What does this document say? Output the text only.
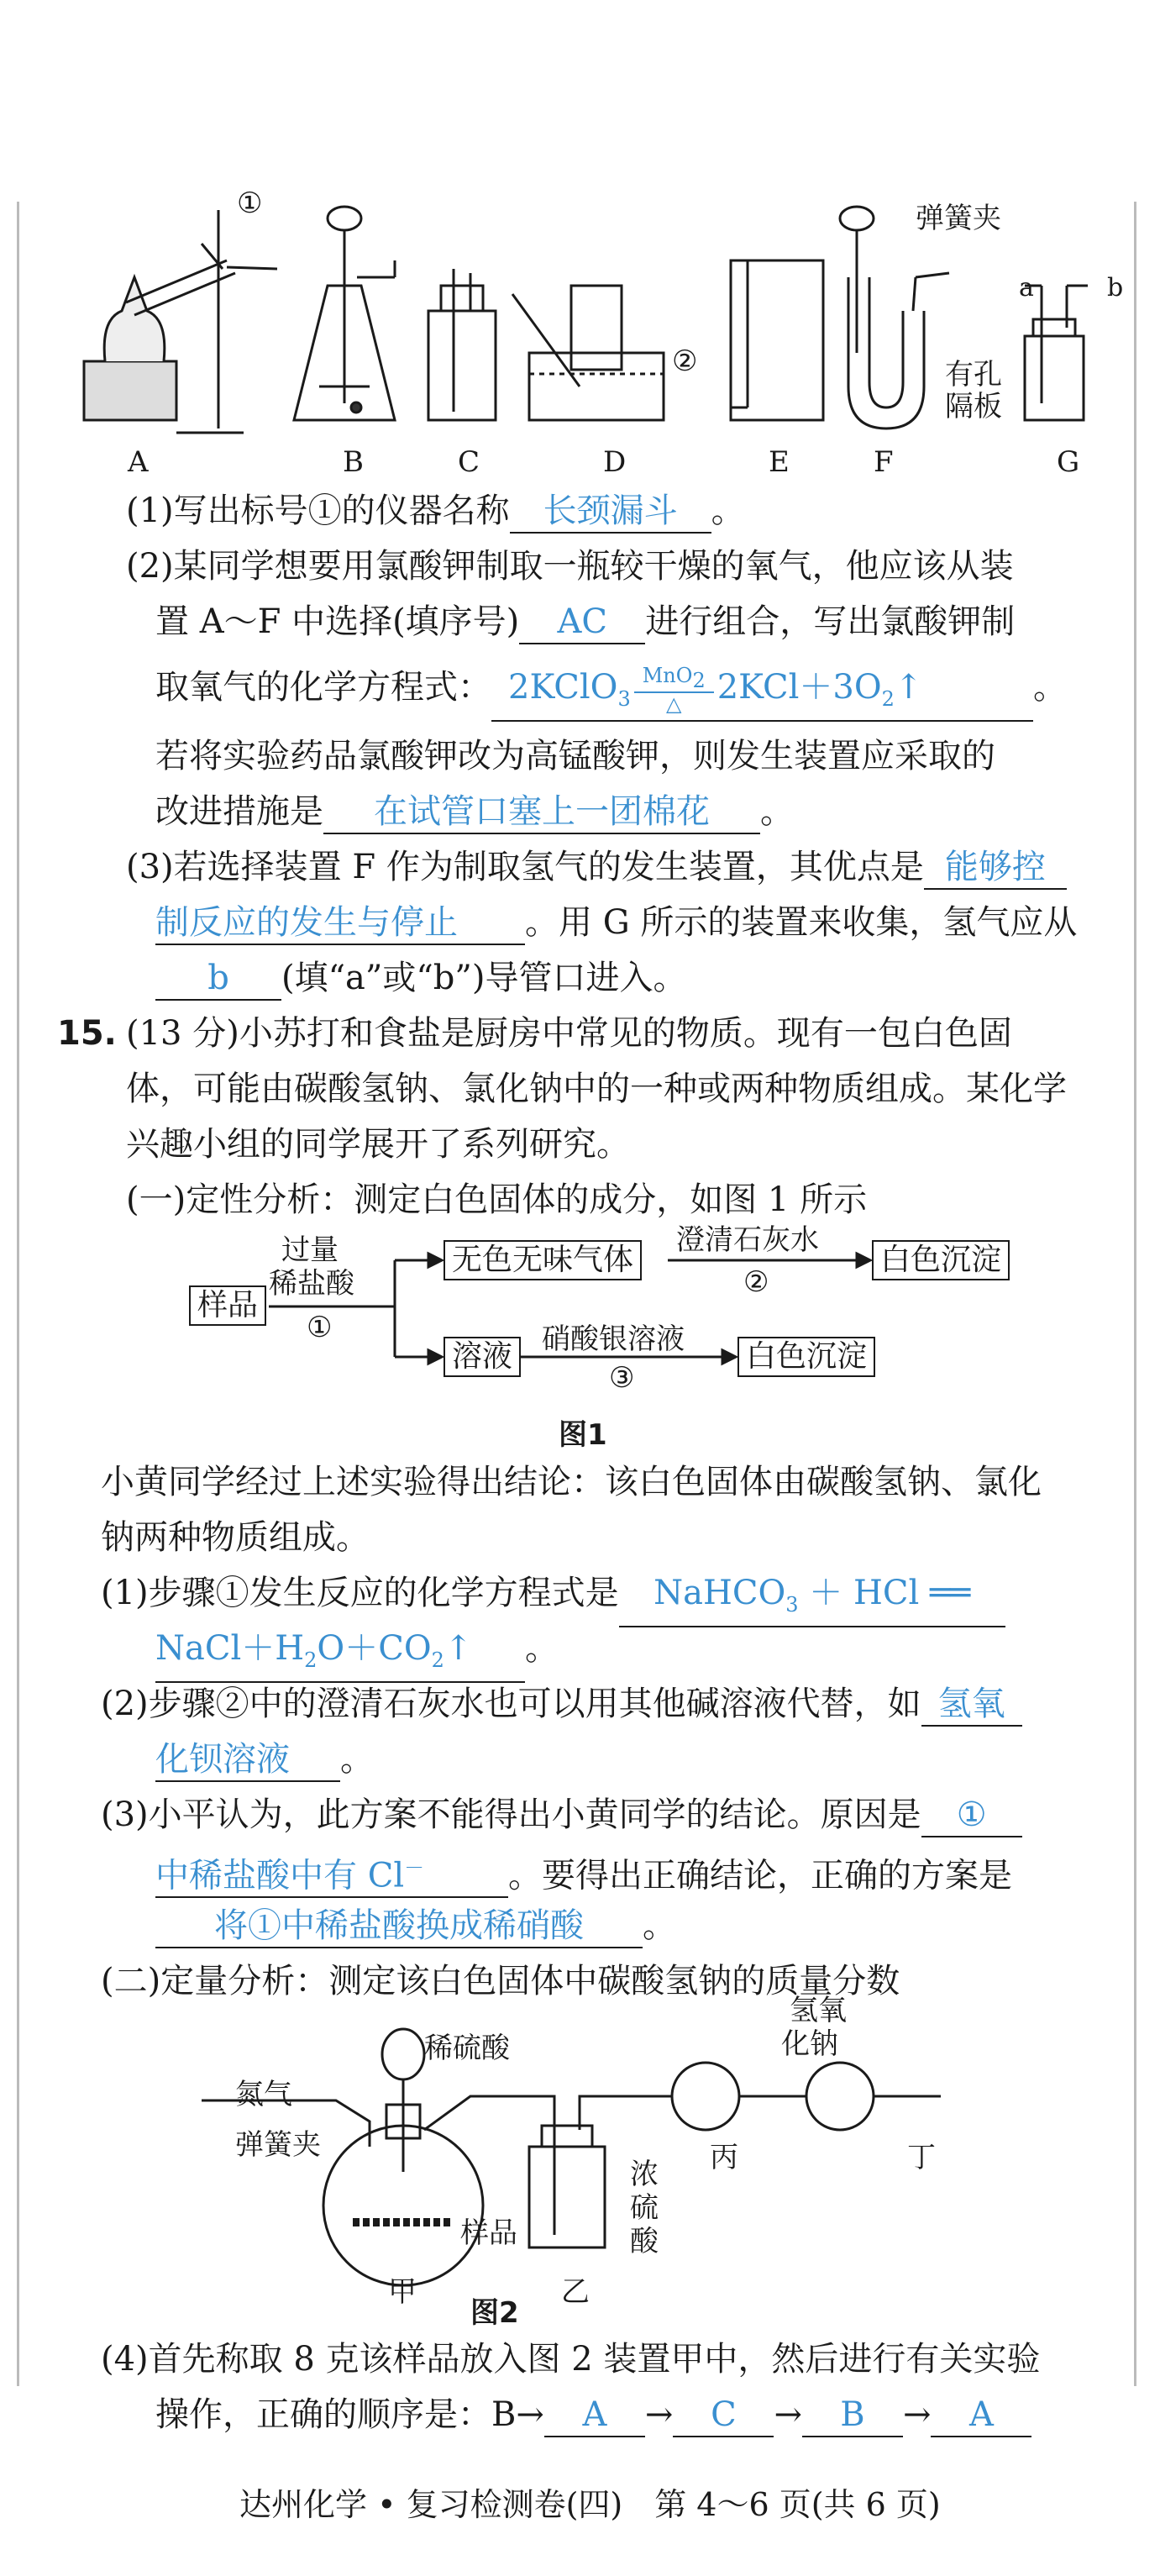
①
②
弹簧夹
有孔
隔板
a	b
A	B	C	D	E	F	G
(1)写出标号①的仪器名称 长颈漏斗 。
(2)某同学想要用氯酸钾制取一瓶较干燥的氧气，他应该从装
置 A～F 中选择(填序号) AC 进行组合，写出氯酸钾制
取氧气的化学方程式： 2KClO$_3$ $\frac{MnO_2}{\triangle}$ $2KCl+3O_2↑$	。
若将实验药品氯酸钾改为高锰酸钾，则发生装置应采取的
改进措施是 在试管口塞上一团棉花 。
(3)若选择装置 F 作为制取氢气的发生装置，其优点是 能够控
制反应的发生与停止 。用 G 所示的装置来收集，氢气应从
b (填“a”或“b”)导管口进入。
15. (13 分)小苏打和食盐是厨房中常见的物质。现有一包白色固
体，可能由碳酸氢钠、氯化钠中的一种或两种物质组成。某化学
兴趣小组的同学展开了系列研究。
(一)定性分析：测定白色固体的成分，如图 1 所示
样品
过量
稀盐酸
①
无色无味气体
澄清石灰水
②
白色沉淀
溶液 硝酸银溶液
③
白色沉淀
图1
小黄同学经过上述实验得出结论：该白色固体由碳酸氢钠、氯化
钠两种物质组成。
(1)步骤①发生反应的化学方程式是 NaHCO$_3$ ＋ HCl ══
$NaCl+H_2O+CO_2↑$ 。
(2)步骤②中的澄清石灰水也可以用其他碱溶液代替，如 氢氧
化钡溶液 。
(3)小平认为，此方案不能得出小黄同学的结论。原因是 ①
中稀盐酸中有 Cl－ 。要得出正确结论，正确的方案是
将①中稀盐酸换成稀硝酸 。
(二)定量分析：测定该白色固体中碳酸氢钠的质量分数
氮气
稀硫酸
弹簧夹
样品
浓
硫
酸
氢氧
化钠
丙	丁
甲	乙
图2
(4)首先称取 8 克该样品放入图 2 装置甲中，然后进行有关实验
操作，正确的顺序是：B→ A → C → B → A
达州化学 • 复习检测卷(四)　第 4～6 页(共 6 页)
